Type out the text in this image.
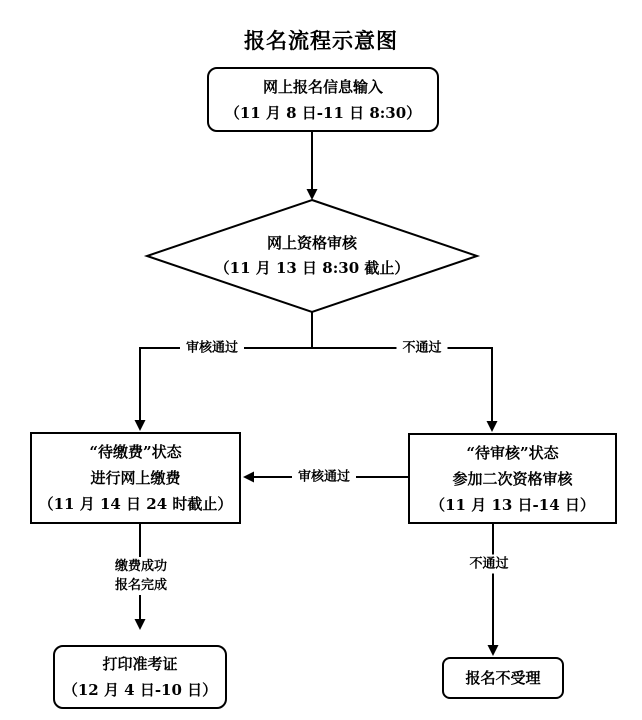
报名流程示意图
网上报名信息输入
（11 月 8 日-11 日 8:30）
网上资格审核
（11 月 13 日 8:30 截止）
审核通过	不通过
“待缴费”状态
进行网上缴费
（11 月 14 日 24 时截止）
“待审核”状态
参加二次资格审核
（11 月 13 日-14 日）
审核通过
缴费成功
报名完成
不通过
打印准考证
（12 月 4 日-10 日）
报名不受理
